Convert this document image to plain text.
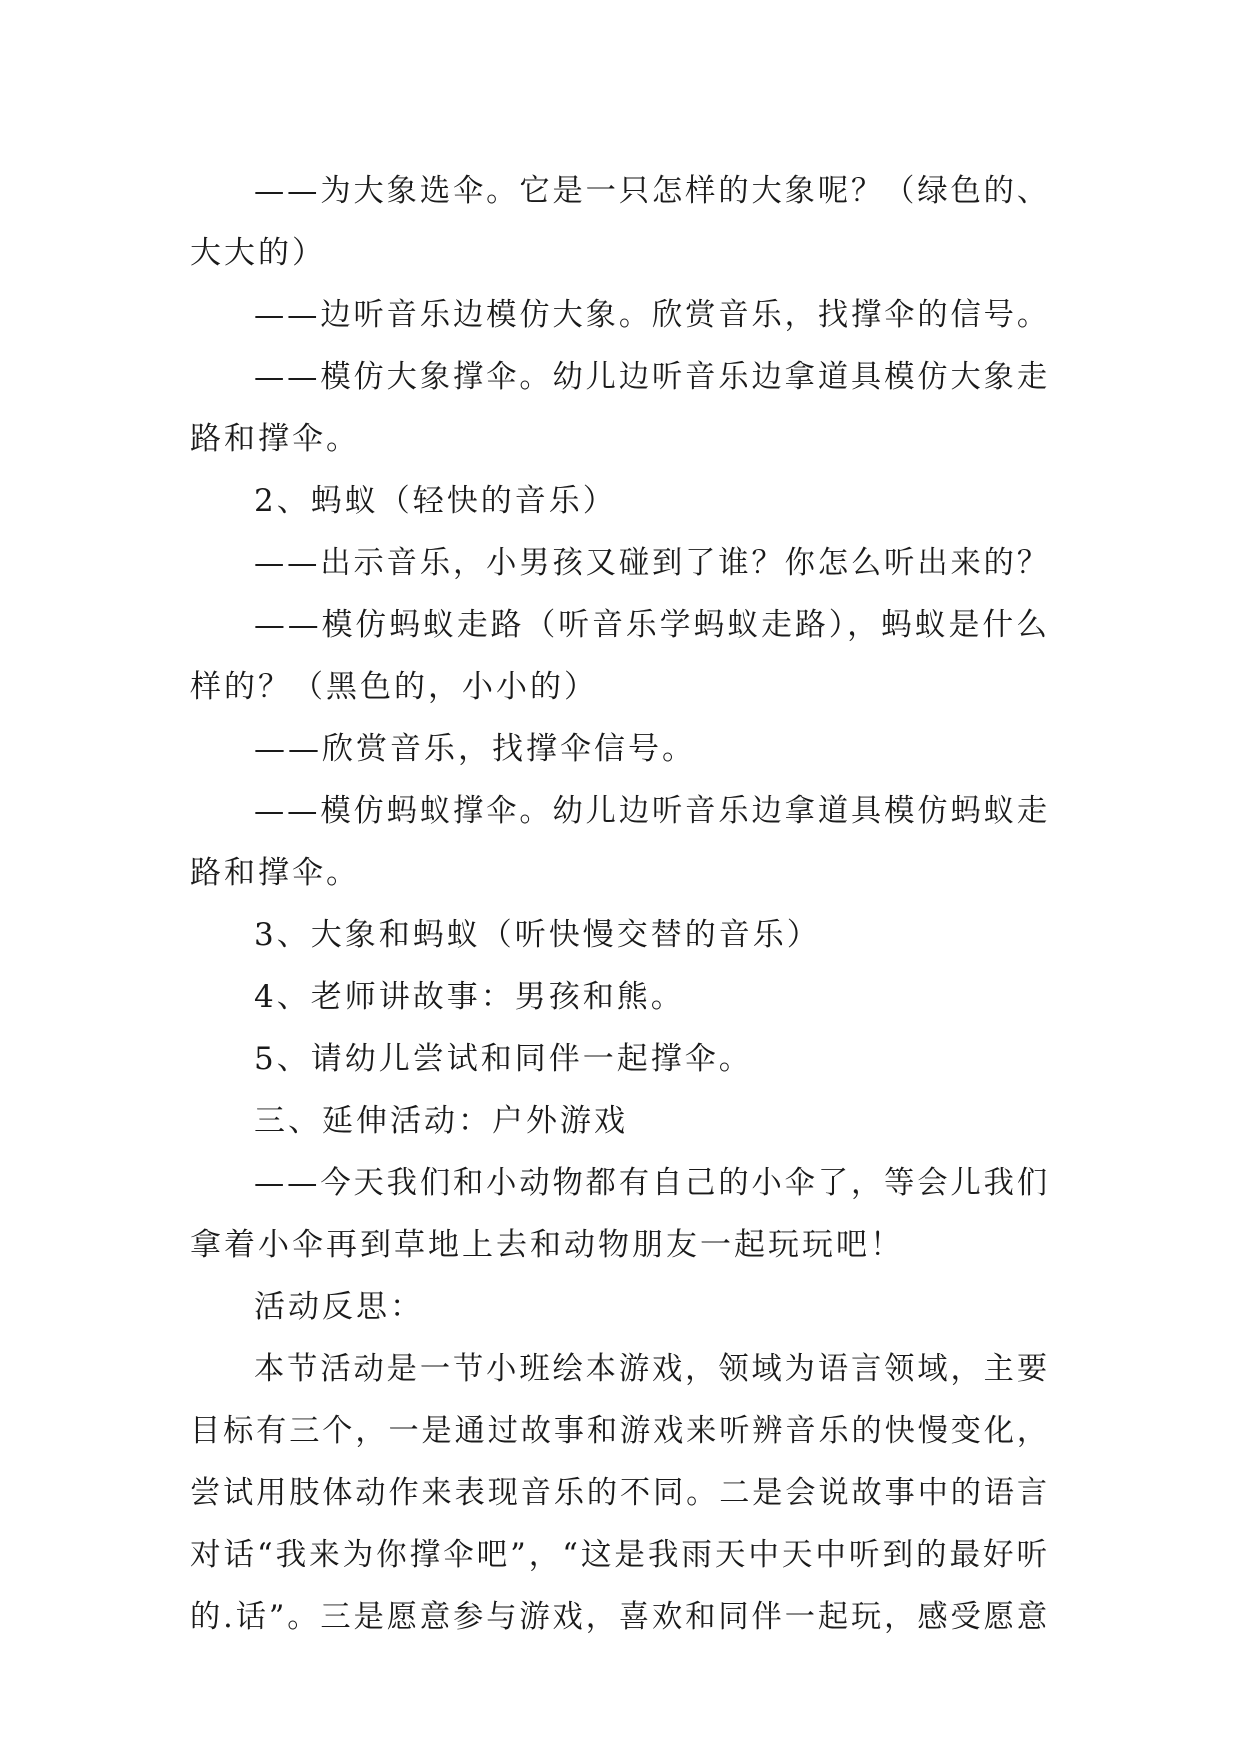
——为大象选伞。它是一只怎样的大象呢？（绿色的、
大大的）
——边听音乐边模仿大象。欣赏音乐，找撑伞的信号。
——模仿大象撑伞。幼儿边听音乐边拿道具模仿大象走
路和撑伞。
2、蚂蚁（轻快的音乐）
——出示音乐，小男孩又碰到了谁？你怎么听出来的？
——模仿蚂蚁走路（听音乐学蚂蚁走路），蚂蚁是什么
样的？（黑色的，小小的）
——欣赏音乐，找撑伞信号。
——模仿蚂蚁撑伞。幼儿边听音乐边拿道具模仿蚂蚁走
路和撑伞。
3、大象和蚂蚁（听快慢交替的音乐）
4、老师讲故事：男孩和熊。
5、请幼儿尝试和同伴一起撑伞。
三、延伸活动：户外游戏
——今天我们和小动物都有自己的小伞了，等会儿我们
拿着小伞再到草地上去和动物朋友一起玩玩吧！
活动反思：
本节活动是一节小班绘本游戏，领域为语言领域，主要
目标有三个，一是通过故事和游戏来听辨音乐的快慢变化，
尝试用肢体动作来表现音乐的不同。二是会说故事中的语言
对话“我来为你撑伞吧”，“这是我雨天中天中听到的最好听
的.话”。三是愿意参与游戏，喜欢和同伴一起玩，感受愿意
